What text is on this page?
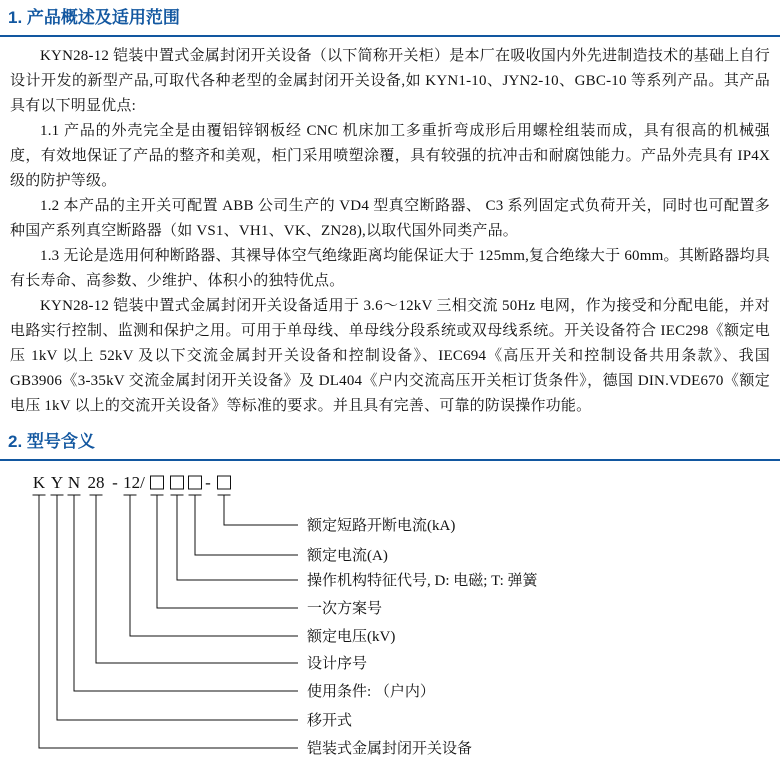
1. 产品概述及适用范围

KYN28-12 铠装中置式金属封闭开关设备（以下简称开关柜）是本厂在吸收国内外先进制造技术的基础上自行设计开发的新型产品,可取代各种老型的金属封闭开关设备,如 KYN1-10、JYN2-10、GBC-10 等系列产品。其产品具有以下明显优点:

1.1 产品的外壳完全是由覆铝锌钢板经 CNC 机床加工多重折弯成形后用螺栓组装而成，具有很高的机械强度，有效地保证了产品的整齐和美观，柜门采用喷塑涂覆，具有较强的抗冲击和耐腐蚀能力。产品外壳具有 IP4X 级的防护等级。

1.2 本产品的主开关可配置 ABB 公司生产的 VD4 型真空断路器、 C3 系列固定式负荷开关，同时也可配置多种国产系列真空断路器（如 VS1、VH1、VK、ZN28),以取代国外同类产品。

1.3 无论是选用何种断路器、其裸导体空气绝缘距离均能保证大于 125mm,复合绝缘大于 60mm。其断路器均具有长寿命、高参数、少维护、体积小的独特优点。

KYN28-12 铠装中置式金属封闭开关设备适用于 3.6～12kV 三相交流 50Hz 电网，作为接受和分配电能，并对电路实行控制、监测和保护之用。可用于单母线、单母线分段系统或双母线系统。开关设备符合 IEC298《额定电压 1kV 以上 52kV 及以下交流金属封开关设备和控制设备》、IEC694《高压开关和控制设备共用条款》、我国 GB3906《3-35kV 交流金属封闭开关设备》及 DL404《户内交流高压开关柜订货条件》，德国 DIN.VDE670《额定电压 1kV 以上的交流开关设备》等标准的要求。并且具有完善、可靠的防误操作功能。

2. 型号含义
K Y N 28 - 12/	-
额定短路开断电流(kA)
额定电流(A)
操作机构特征代号, D: 电磁; T: 弹簧
一次方案号
额定电压(kV)
设计序号
使用条件: （户内）
移开式
铠装式金属封闭开关设备
